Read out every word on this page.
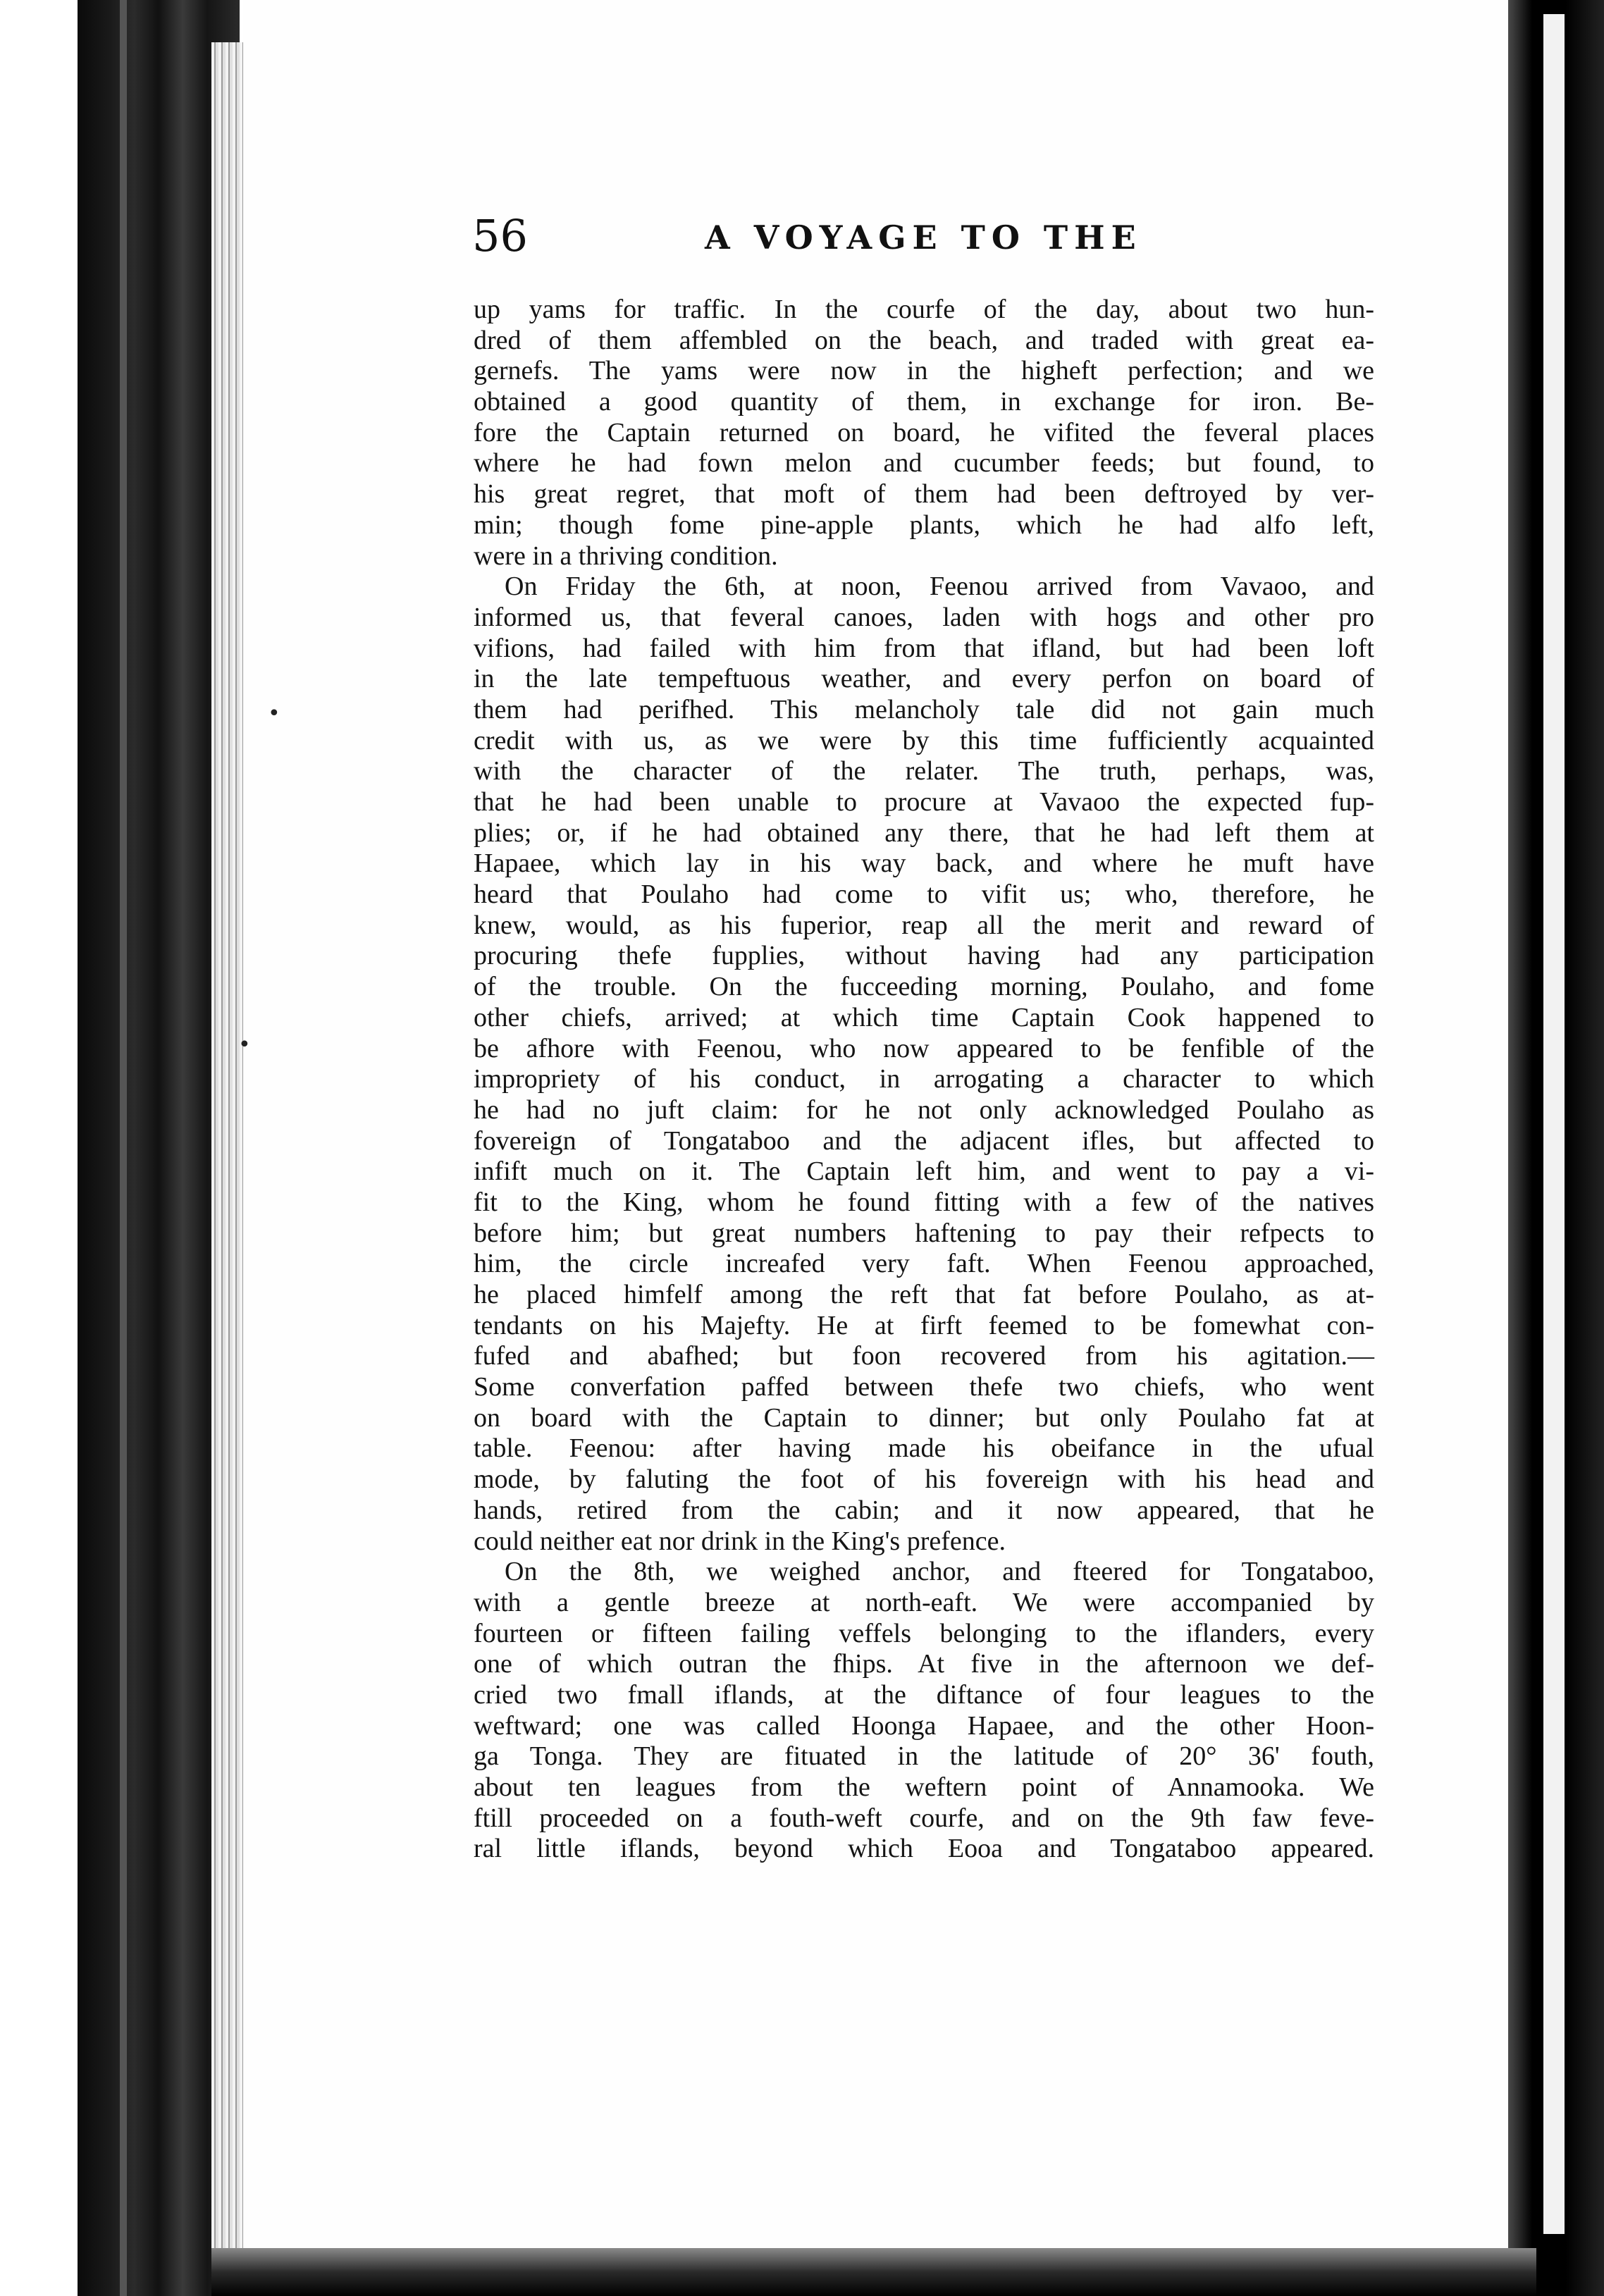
56	A VOYAGE TO THE
•
•
up yams for traffic. In the courfe of the day, about two hun-
dred of them affembled on the beach, and traded with great ea-
gernefs. The yams were now in the higheft perfection; and we
obtained a good quantity of them, in exchange for iron. Be-
fore the Captain returned on board, he vifited the feveral places
where he had fown melon and cucumber feeds; but found, to
his great regret, that moft of them had been deftroyed by ver-
min; though fome pine-apple plants, which he had alfo left,
were in a thriving condition.
On Friday the 6th, at noon, Feenou arrived from Vavaoo, and
informed us, that feveral canoes, laden with hogs and other pro
vifions, had failed with him from that ifland, but had been loft
in the late tempeftuous weather, and every perfon on board of
them had perifhed. This melancholy tale did not gain much
credit with us, as we were by this time fufficiently acquainted
with the character of the relater. The truth, perhaps, was,
that he had been unable to procure at Vavaoo the expected fup-
plies; or, if he had obtained any there, that he had left them at
Hapaee, which lay in his way back, and where he muft have
heard that Poulaho had come to vifit us; who, therefore, he
knew, would, as his fuperior, reap all the merit and reward of
procuring thefe fupplies, without having had any participation
of the trouble. On the fucceeding morning, Poulaho, and fome
other chiefs, arrived; at which time Captain Cook happened to
be afhore with Feenou, who now appeared to be fenfible of the
impropriety of his conduct, in arrogating a character to which
he had no juft claim: for he not only acknowledged Poulaho as
fovereign of Tongataboo and the adjacent ifles, but affected to
infift much on it. The Captain left him, and went to pay a vi-
fit to the King, whom he found fitting with a few of the natives
before him; but great numbers haftening to pay their refpects to
him, the circle increafed very faft. When Feenou approached,
he placed himfelf among the reft that fat before Poulaho, as at-
tendants on his Majefty. He at firft feemed to be fomewhat con-
fufed and abafhed; but foon recovered from his agitation.—
Some converfation paffed between thefe two chiefs, who went
on board with the Captain to dinner; but only Poulaho fat at
table. Feenou: after having made his obeifance in the ufual
mode, by faluting the foot of his fovereign with his head and
hands, retired from the cabin; and it now appeared, that he
could neither eat nor drink in the King's prefence.
On the 8th, we weighed anchor, and fteered for Tongataboo,
with a gentle breeze at north-eaft. We were accompanied by
fourteen or fifteen failing veffels belonging to the iflanders, every
one of which outran the fhips. At five in the afternoon we def-
cried two fmall iflands, at the diftance of four leagues to the
weftward; one was called Hoonga Hapaee, and the other Hoon-
ga Tonga. They are fituated in the latitude of 20° 36' fouth,
about ten leagues from the weftern point of Annamooka. We
ftill proceeded on a fouth-weft courfe, and on the 9th faw feve-
ral little iflands, beyond which Eooa and Tongataboo appeared.
